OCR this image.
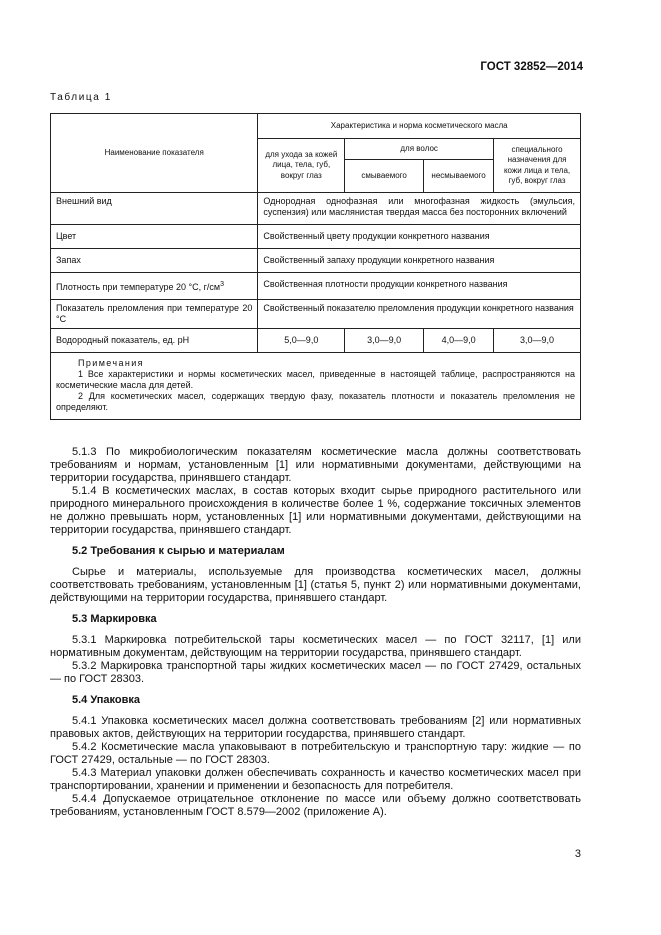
ГОСТ 32852—2014
Таблица 1
Наименование показателя	Характеристика и норма косметического масла			
	для ухода за кожей лица, тела, губ, вокруг глаз	для волос		специального назначения для кожи лица и тела, губ, вокруг глаз
		смываемого	несмываемого	
Внешний вид	Однородная однофазная или многофазная жидкость (эмульсия, суспензия) или маслянистая твердая масса без посторонних включений			
Цвет	Свойственный цвету продукции конкретного названия			
Запах	Свойственный запаху продукции конкретного названия			
Плотность при температуре 20 °С, $г/см^3$	Свойственная плотности продукции конкретного названия			
Показатель преломления при температуре 20 °С	Свойственный показателю преломления продукции конкретного названия			
Водородный показатель, ед. pH	5,0—9,0	3,0—9,0	4,0—9,0	3,0—9,0

Примечания

1 Все характеристики и нормы косметических масел, приведенные в настоящей таблице, распространяются на косметические масла для детей.

2 Для косметических масел, содержащих твердую фазу, показатель плотности и показатель преломления не определяют.				

5.1.3 По микробиологическим показателям косметические масла должны соответствовать требованиям и нормам, установленным [1] или нормативными документами, действующими на территории государства, принявшего стандарт.

5.1.4 В косметических маслах, в состав которых входит сырье природного растительного или природного минерального происхождения в количестве более 1 %, содержание токсичных элементов не должно превышать норм, установленных [1] или нормативными документами, действующими на территории государства, принявшего стандарт.

5.2 Требования к сырью и материалам

Сырье и материалы, используемые для производства косметических масел, должны соответствовать требованиям, установленным [1] (статья 5, пункт 2) или нормативными документами, действующими на территории государства, принявшего стандарт.

5.3 Маркировка

5.3.1 Маркировка потребительской тары косметических масел — по ГОСТ 32117, [1] или нормативным документам, действующим на территории государства, принявшего стандарт.

5.3.2 Маркировка транспортной тары жидких косметических масел — по ГОСТ 27429, остальных — по ГОСТ 28303.

5.4 Упаковка

5.4.1 Упаковка косметических масел должна соответствовать требованиям [2] или нормативных правовых актов, действующих на территории государства, принявшего стандарт.

5.4.2 Косметические масла упаковывают в потребительскую и транспортную тару: жидкие — по ГОСТ 27429, остальные — по ГОСТ 28303.

5.4.3 Материал упаковки должен обеспечивать сохранность и качество косметических масел при транспортировании, хранении и применении и безопасность для потребителя.

5.4.4 Допускаемое отрицательное отклонение по массе или объему должно соответствовать требованиям, установленным ГОСТ 8.579—2002 (приложение А).

3
